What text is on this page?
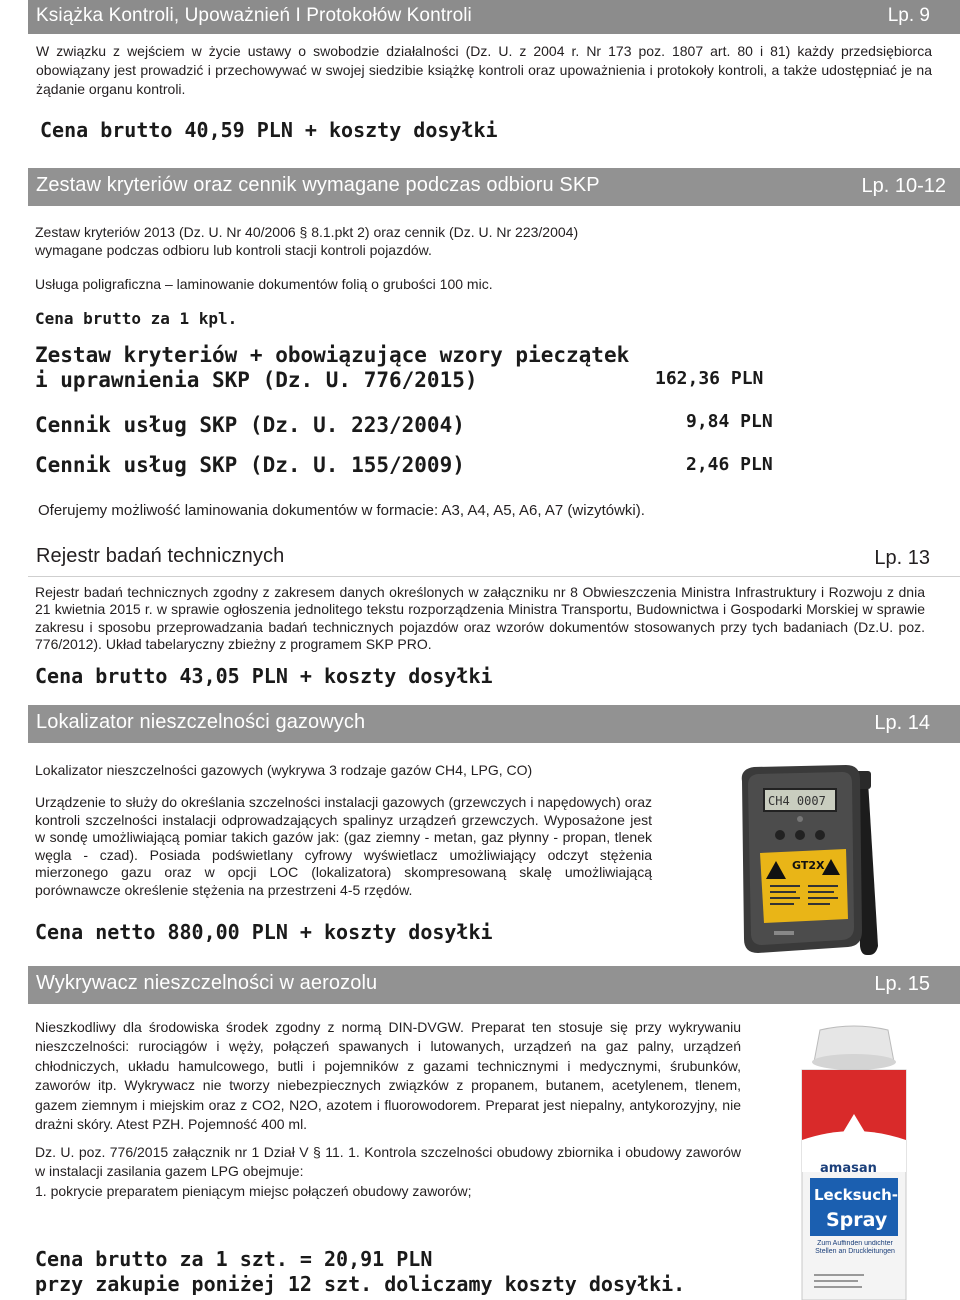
Książka Kontroli, Upoważnień I Protokołów Kontroli	Lp. 9
W związku z wejściem w życie ustawy o swobodzie działalności (Dz. U. z 2004 r. Nr 173 poz. 1807 art. 80 i 81) każdy przedsiębiorca obowiązany jest prowadzić i przechowywać w swojej siedzibie książkę kontroli oraz upoważnienia i protokoły kontroli, a także udostępniać je na żądanie organu kontroli.
Cena brutto 40,59 PLN + koszty dosyłki
Zestaw kryteriów oraz cennik wymagane podczas odbioru SKP	Lp. 10-12
Zestaw kryteriów 2013 (Dz. U. Nr 40/2006 § 8.1.pkt 2) oraz cennik (Dz. U. Nr 223/2004)
wymagane podczas odbioru lub kontroli stacji kontroli pojazdów.
Usługa poligraficzna – laminowanie dokumentów folią o grubości 100 mic.
Cena brutto za 1 kpl.
Zestaw kryteriów + obowiązujące wzory pieczątek
i uprawnienia SKP (Dz. U. 776/2015)	162,36 PLN
Cennik usług SKP (Dz. U. 223/2004)	9,84 PLN
Cennik usług SKP (Dz. U. 155/2009)	2,46 PLN
Oferujemy możliwość laminowania dokumentów w formacie: A3, A4, A5, A6, A7 (wizytówki).
Rejestr badań technicznych	Lp. 13
Rejestr badań technicznych zgodny z zakresem danych określonych w załączniku nr 8 Obwieszczenia Ministra Infrastruktury i Rozwoju z dnia 21 kwietnia 2015 r. w sprawie ogłoszenia jednolitego tekstu rozporządzenia Ministra Transportu, Budownictwa i Gospodarki Morskiej w sprawie zakresu i sposobu przeprowadzania badań technicznych pojazdów oraz wzorów dokumentów stosowanych przy tych badaniach (Dz.U. poz. 776/2012). Układ tabelaryczny zbieżny z programem SKP PRO.
Cena brutto 43,05 PLN + koszty dosyłki
Lokalizator nieszczelności gazowych	Lp. 14
Lokalizator nieszczelności gazowych (wykrywa 3 rodzaje gazów CH4, LPG, CO)
Urządzenie to służy do określania szczelności instalacji gazowych (grzewczych i napędowych) oraz kontroli szczelności instalacji odprowadzających spalinyz urządzeń grzewczych. Wyposażone jest w sondę umożliwiającą pomiar takich gazów jak: (gaz ziemny - metan, gaz płynny - propan, tlenek węgla - czad). Posiada podświetlany cyfrowy wyświetlacz umożliwiający odczyt stężenia mierzonego gazu oraz w opcji LOC (lokalizatora) skompresowaną skalę umożliwiającą porównawcze określenie stężenia na przestrzeni 4-5 rzędów.
Cena netto 880,00 PLN + koszty dosyłki
CH4 0007
GT2X
Wykrywacz nieszczelności w aerozolu	Lp. 15
Nieszkodliwy dla środowiska środek zgodny z normą DIN-DVGW. Preparat ten stosuje się przy wykrywaniu nieszczelności: rurociągów i węży, połączeń spawanych i lutowanych, urządzeń na gaz palny, urządzeń chłodniczych, układu hamulcowego, butli i pojemników z gazami technicznymi i medycznymi, śrubunków, zaworów itp. Wykrywacz nie tworzy niebezpiecznych związków z propanem, butanem, acetylenem, tlenem, gazem ziemnym i miejskim oraz z CO2, N2O, azotem i fluorowodorem. Preparat jest niepalny, antykorozyjny, nie drażni skóry. Atest PZH. Pojemność 400 ml.
Dz. U. poz. 776/2015 załącznik nr 1 Dział V § 11. 1. Kontrola szczelności obudowy zbiornika i obudowy zaworów w instalacji zasilania gazem LPG obejmuje:
1. pokrycie preparatem pieniącym miejsc połączeń obudowy zaworów;
Cena brutto za 1 szt. = 20,91 PLN
przy zakupie poniżej 12 szt. doliczamy koszty dosyłki.
amasan
Lecksuch-
Spray
Zum Auffinden undichter Stellen an Druckleitungen
